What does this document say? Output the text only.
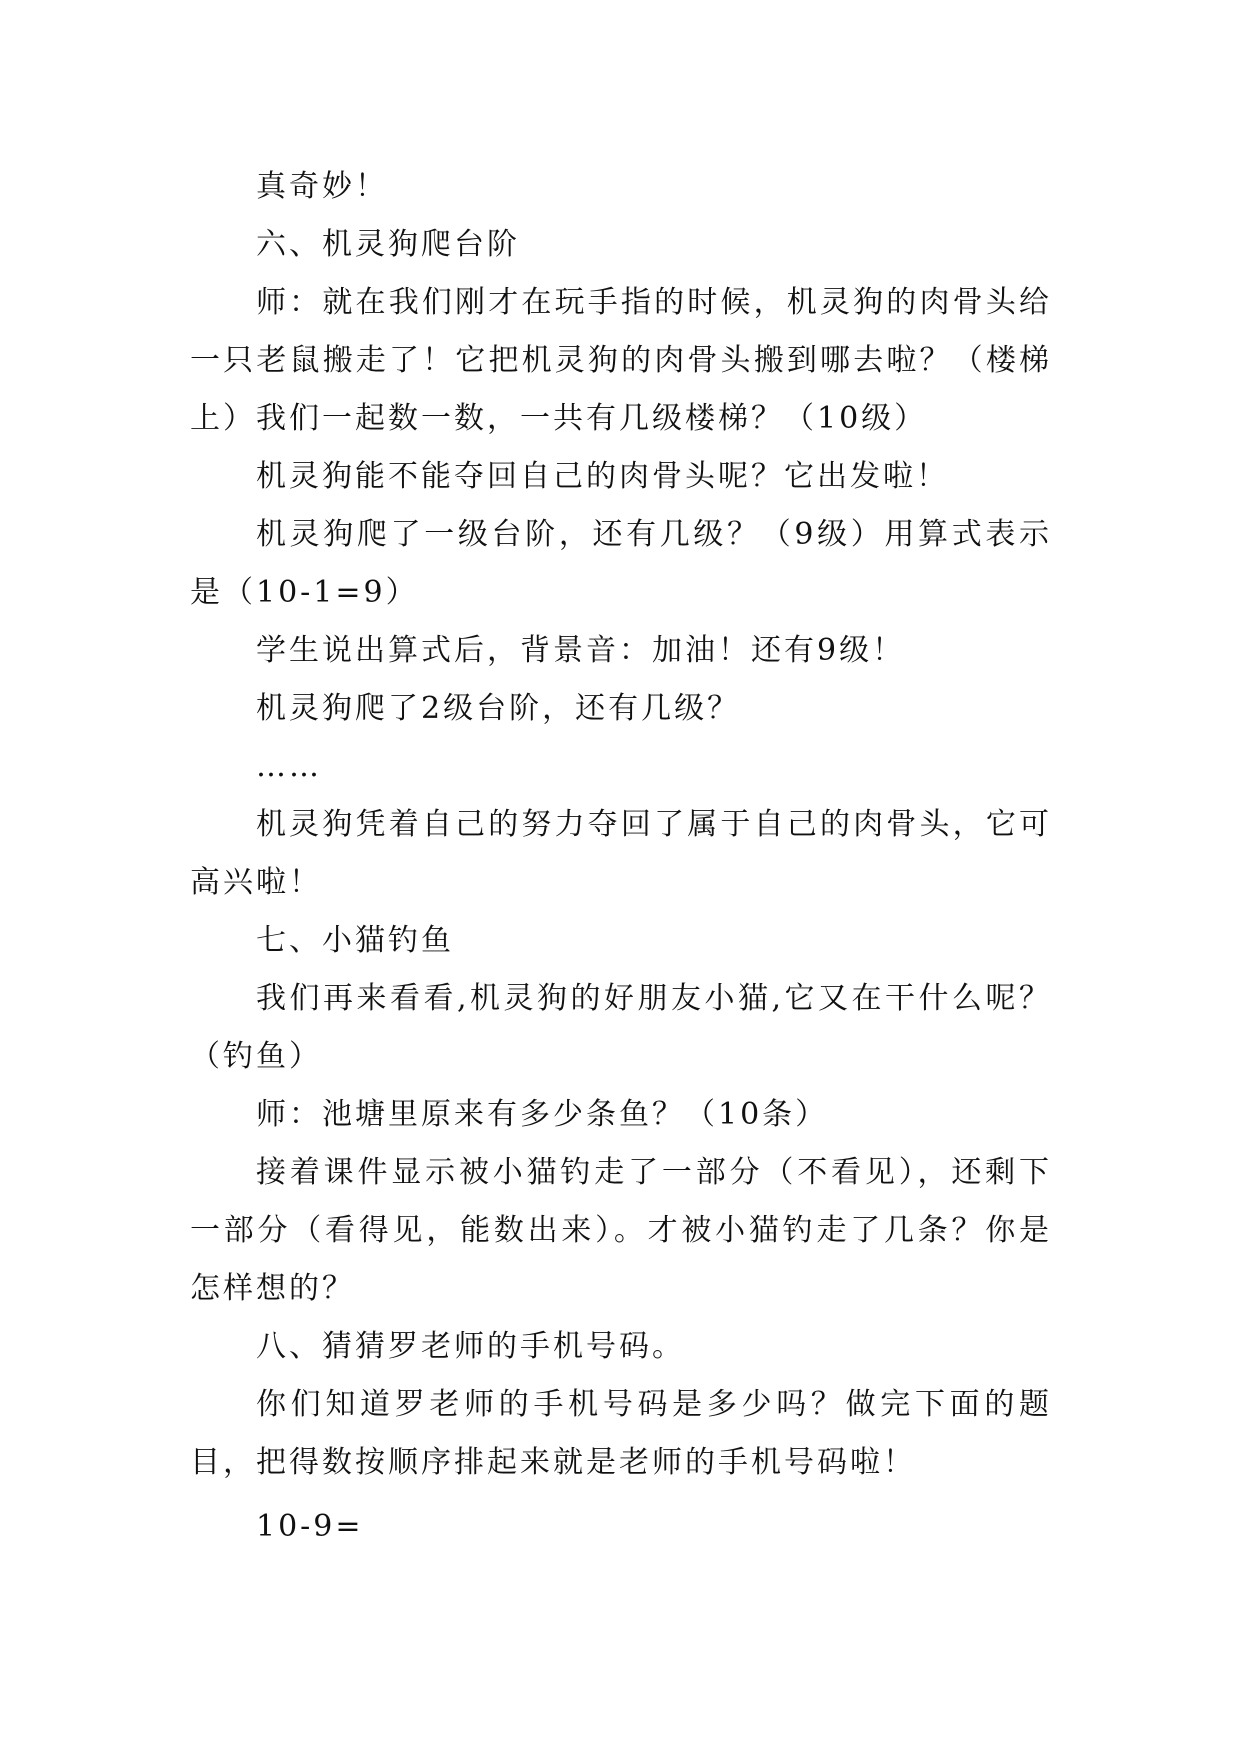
真奇妙！

六、机灵狗爬台阶

师：就在我们刚才在玩手指的时候，机灵狗的肉骨头给一只老鼠搬走了！它把机灵狗的肉骨头搬到哪去啦？（楼梯上）我们一起数一数，一共有几级楼梯？（10级）

机灵狗能不能夺回自己的肉骨头呢？它出发啦！

机灵狗爬了一级台阶，还有几级？（9级）用算式表示是（10-1=9）

学生说出算式后，背景音：加油！还有9级！

机灵狗爬了2级台阶，还有几级？

……

机灵狗凭着自己的努力夺回了属于自己的肉骨头，它可高兴啦！

七、小猫钓鱼

我们再来看看,机灵狗的好朋友小猫,它又在干什么呢？（钓鱼）

师：池塘里原来有多少条鱼？（10条）

接着课件显示被小猫钓走了一部分（不看见），还剩下一部分（看得见，能数出来）。才被小猫钓走了几条？你是怎样想的？

八、猜猜罗老师的手机号码。

你们知道罗老师的手机号码是多少吗？做完下面的题目，把得数按顺序排起来就是老师的手机号码啦！

10-9=
